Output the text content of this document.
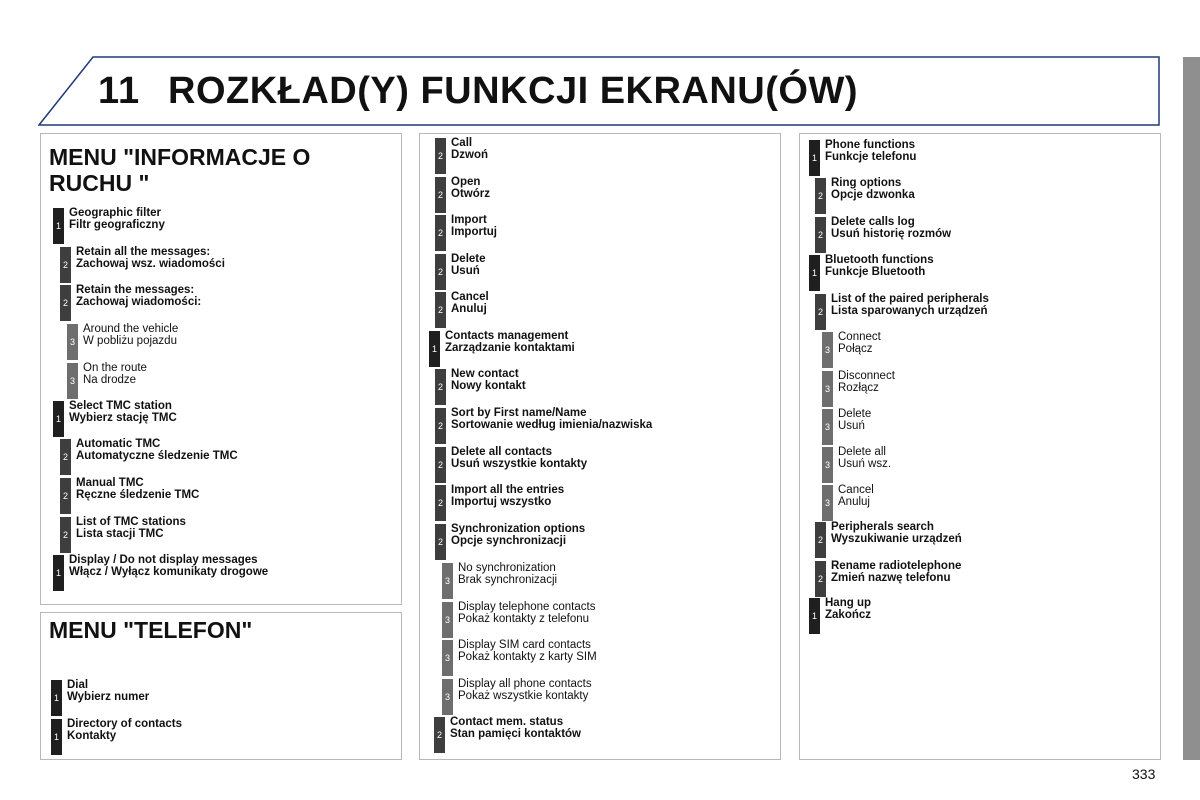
11 ROZKŁAD(Y) FUNKCJI EKRANU(ÓW)
MENU "INFORMACJE O RUCHU "
1
Geographic filter
Filtr geograficzny
2
Retain all the messages:
Zachowaj wsz. wiadomości
2
Retain the messages:
Zachowaj wiadomości:
3
Around the vehicle
W pobliżu pojazdu
3
On the route
Na drodze
1
Select TMC station
Wybierz stację TMC
2
Automatic TMC
Automatyczne śledzenie TMC
2
Manual TMC
Ręczne śledzenie TMC
2
List of TMC stations
Lista stacji TMC
1
Display / Do not display messages
Włącz / Wyłącz komunikaty drogowe
MENU "TELEFON"
1
Dial
Wybierz numer
1
Directory of contacts
Kontakty
2
Call
Dzwoń
2
Open
Otwórz
2
Import
Importuj
2
Delete
Usuń
2
Cancel
Anuluj
1
Contacts management
Zarządzanie kontaktami
2
New contact
Nowy kontakt
2
Sort by First name/Name
Sortowanie według imienia/nazwiska
2
Delete all contacts
Usuń wszystkie kontakty
2
Import all the entries
Importuj wszystko
2
Synchronization options
Opcje synchronizacji
3
No synchronization
Brak synchronizacji
3
Display telephone contacts
Pokaż kontakty z telefonu
3
Display SIM card contacts
Pokaż kontakty z karty SIM
3
Display all phone contacts
Pokaż wszystkie kontakty
2
Contact mem. status
Stan pamięci kontaktów
1
Phone functions
Funkcje telefonu
2
Ring options
Opcje dzwonka
2
Delete calls log
Usuń historię rozmów
1
Bluetooth functions
Funkcje Bluetooth
2
List of the paired peripherals
Lista sparowanych urządzeń
3
Connect
Połącz
3
Disconnect
Rozłącz
3
Delete
Usuń
3
Delete all
Usuń wsz.
3
Cancel
Anuluj
2
Peripherals search
Wyszukiwanie urządzeń
2
Rename radiotelephone
Zmień nazwę telefonu
1
Hang up
Zakończ
333
